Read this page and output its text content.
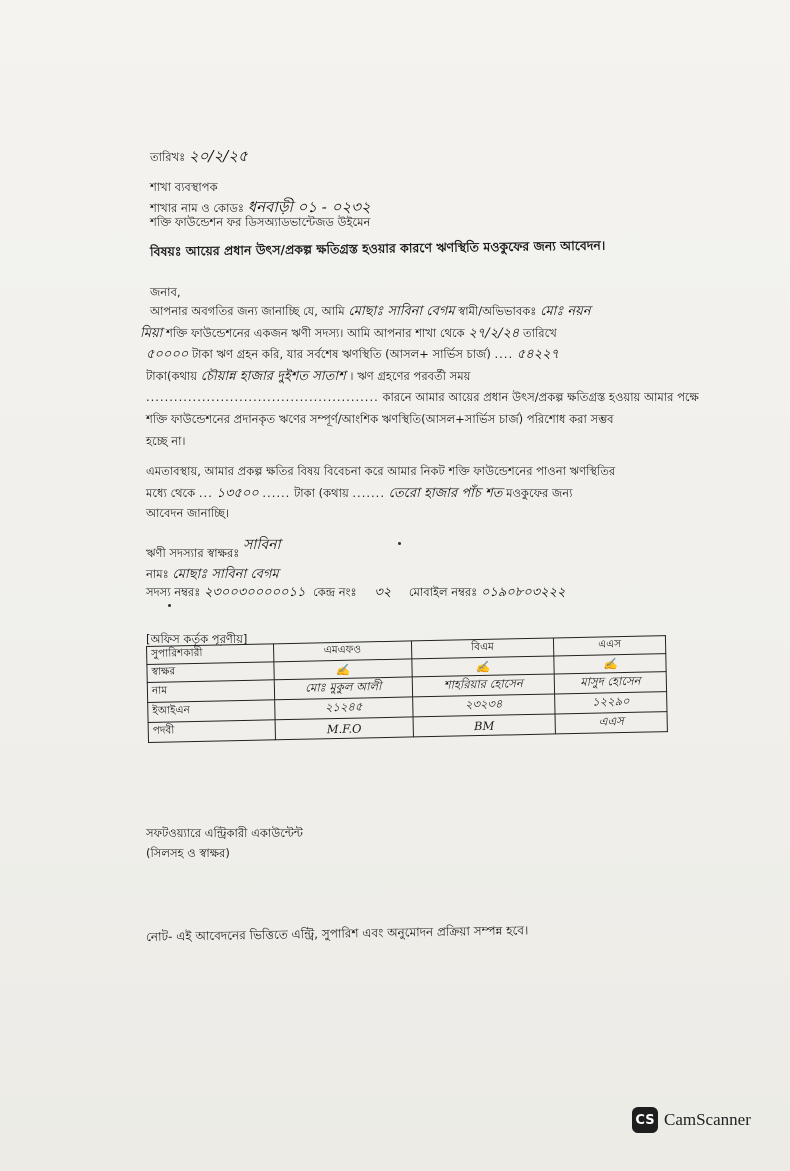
তারিখঃ ২০/২/২৫
শাখা ব্যবস্থাপক
শাখার নাম ও কোডঃ ধনবাড়ী ০১ - ০২৩২
শক্তি ফাউন্ডেশন ফর ডিসঅ্যাডভান্টেজড উইমেন
বিষয়ঃ আয়ের প্রধান উৎস/প্রকল্প ক্ষতিগ্রস্ত হওয়ার কারণে ঋণস্থিতি মওকুফের জন্য আবেদন।
জনাব,
আপনার অবগতির জন্য জানাচ্ছি যে, আমি মোছাঃ সাবিনা বেগম স্বামী/অভিভাবকঃ মোঃ নয়ন
মিয়া শক্তি ফাউন্ডেশনের একজন ঋণী সদস্য। আমি আপনার শাখা থেকে ২৭/২/২৪ তারিখে
৫০০০০ টাকা ঋণ গ্রহন করি, যার সর্বশেষ ঋণস্থিতি (আসল+ সার্ভিস চার্জ) .... ৫৪২২৭
টাকা(কথায় চৌয়ান্ন হাজার দুইশত সাতাশ । ঋণ গ্রহণের পরবর্তী সময়
.................................................. কারনে আমার আয়ের প্রধান উৎস/প্রকল্প ক্ষতিগ্রস্ত হওয়ায় আমার পক্ষে
শক্তি ফাউন্ডেশনের প্রদানকৃত ঋণের সম্পূর্ণ/আংশিক ঋণস্থিতি(আসল+সার্ভিস চার্জ) পরিশোধ করা সম্ভব
হচ্ছে না।
এমতাবস্থায়, আমার প্রকল্প ক্ষতির বিষয় বিবেচনা করে আমার নিকট শক্তি ফাউন্ডেশনের পাওনা ঋণস্থিতির
মধ্যে থেকে ... ১৩৫০০ ...... টাকা (কথায় ....... তেরো হাজার পাঁচ শত মওকুফের জন্য
আবেদন জানাচ্ছি।
ঋণী সদস্যার স্বাক্ষরঃ সাবিনা
নামঃ মোছাঃ সাবিনা বেগম
সদস্য নম্বরঃ ২৩০০৩০০০০০১১ কেন্দ্র নংঃ ৩২ মোবাইল নম্বরঃ ০১৯০৮০৩২২২
[অফিস কর্তৃক পূরণীয়]
সুপারিশকারী	এমএফও	বিএম	এএস
স্বাক্ষর	✍	✍	✍
নাম	মোঃ মুকুল আলী	শাহরিয়ার হোসেন	মাসুদ হোসেন
ইআইএন	২১২৪৫	২৩২৩৪	১২২৯০
পদবী	M.F.O	BM	এএস
সফটওয়্যারে এন্ট্রিকারী একাউন্টেন্ট
(সিলসহ ও স্বাক্ষর)
নোট- এই আবেদনের ভিত্তিতে এন্ট্রি, সুপারিশ এবং অনুমোদন প্রক্রিয়া সম্পন্ন হবে।
CS CamScanner
